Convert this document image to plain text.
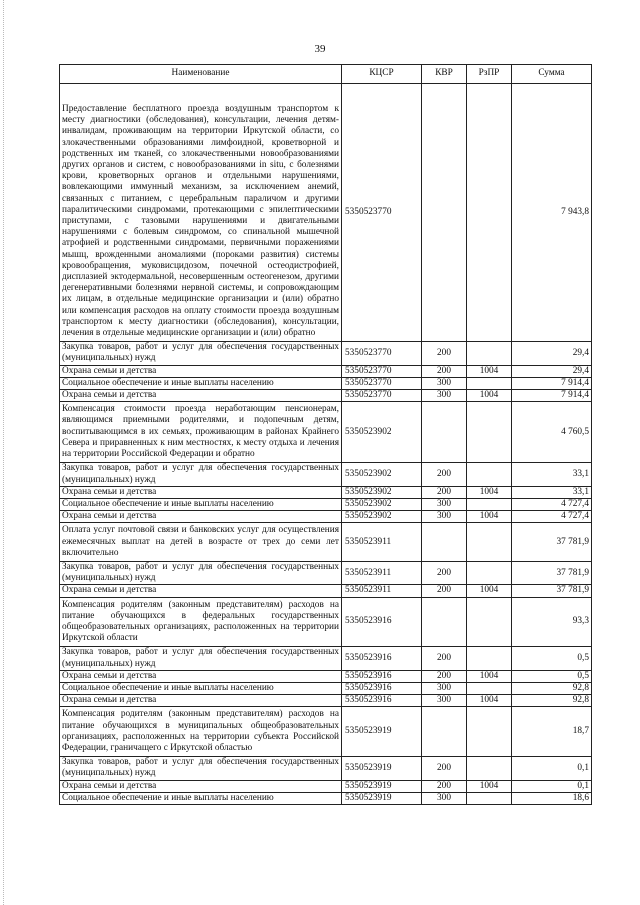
39
Наименование	КЦСР	КВР	РзПР	Сумма
Предоставление бесплатного проезда воздушным транспортом к месту диагностики (обследования), консультации, лечения детям-инвалидам, проживающим на территории Иркутской области, со злокачественными образованиями лимфоидной, кроветворной и родственных им тканей, со злокачественными новообразованиями других органов и систем, с новообразованиями in situ, с болезнями крови, кроветворных органов и отдельными нарушениями, вовлекающими иммунный механизм, за исключением анемий, связанных с питанием, с церебральным параличом и другими паралитическими синдромами, протекающими с эпилептическими приступами, с тазовыми нарушениями и двигательными нарушениями с болевым синдромом, со спинальной мышечной атрофией и родственными синдромами, первичными поражениями мышц, врожденными аномалиями (пороками развития) системы кровообращения, муковисцидозом, почечной остеодистрофией, дисплазией эктодермальной, несовершенным остеогенезом, другими дегенеративными болезнями нервной системы, и сопровождающим их лицам, в отдельные медицинские организации и (или) обратно или компенсация расходов на оплату стоимости проезда воздушным транспортом к месту диагностики (обследования), консультации, лечения в отдельные медицинские организации и (или) обратно	5350523770			7 943,8
Закупка товаров, работ и услуг для обеспечения государственных (муниципальных) нужд	5350523770	200		29,4
Охрана семьи и детства	5350523770	200	1004	29,4
Социальное обеспечение и иные выплаты населению	5350523770	300		7 914,4
Охрана семьи и детства	5350523770	300	1004	7 914,4
Компенсация стоимости проезда неработающим пенсионерам, являющимся приемными родителями, и подопечным детям, воспитывающимся в их семьях, проживающим в районах Крайнего Севера и приравненных к ним местностях, к месту отдыха и лечения на территории Российской Федерации и обратно	5350523902			4 760,5
Закупка товаров, работ и услуг для обеспечения государственных (муниципальных) нужд	5350523902	200		33,1
Охрана семьи и детства	5350523902	200	1004	33,1
Социальное обеспечение и иные выплаты населению	5350523902	300		4 727,4
Охрана семьи и детства	5350523902	300	1004	4 727,4
Оплата услуг почтовой связи и банковских услуг для осуществления ежемесячных выплат на детей в возрасте от трех до семи лет включительно	5350523911			37 781,9
Закупка товаров, работ и услуг для обеспечения государственных (муниципальных) нужд	5350523911	200		37 781,9
Охрана семьи и детства	5350523911	200	1004	37 781,9
Компенсация родителям (законным представителям) расходов на питание обучающихся в федеральных государственных общеобразовательных организациях, расположенных на территории Иркутской области	5350523916			93,3
Закупка товаров, работ и услуг для обеспечения государственных (муниципальных) нужд	5350523916	200		0,5
Охрана семьи и детства	5350523916	200	1004	0,5
Социальное обеспечение и иные выплаты населению	5350523916	300		92,8
Охрана семьи и детства	5350523916	300	1004	92,8
Компенсация родителям (законным представителям) расходов на питание обучающихся в муниципальных общеобразовательных организациях, расположенных на территории субъекта Российской Федерации, граничащего с Иркутской областью	5350523919			18,7
Закупка товаров, работ и услуг для обеспечения государственных (муниципальных) нужд	5350523919	200		0,1
Охрана семьи и детства	5350523919	200	1004	0,1
Социальное обеспечение и иные выплаты населению	5350523919	300		18,6
